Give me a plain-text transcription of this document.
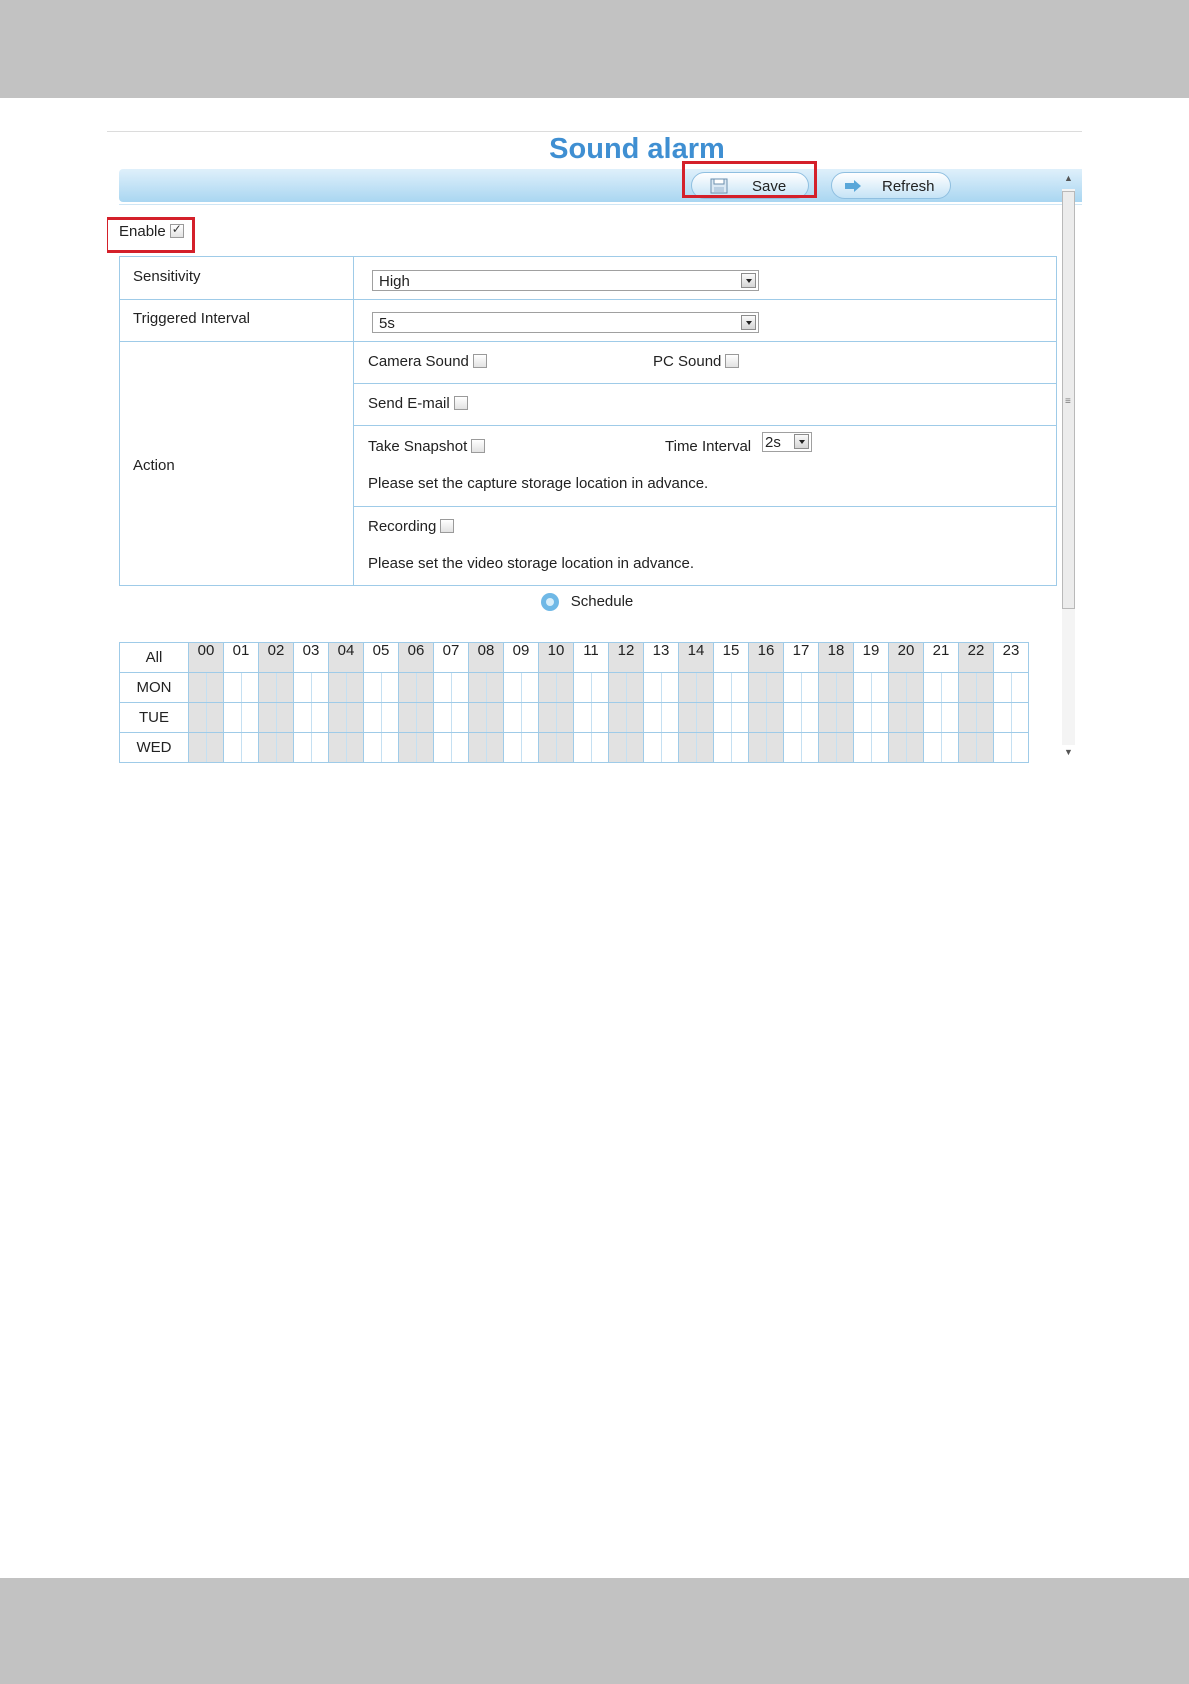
Sound alarm
Save	Refresh
Enable✓
Sensitivity	High
Triggered Interval	5s
Action
Camera Sound	PC Sound
Send E-mail
Take Snapshot	Time Interval 2s
Please set the capture storage location in advance.
Recording
Please set the video storage location in advance.
Schedule
All	00	01	02	03	04	05	06	07	08	09	10	11	12	13	14	15	16	17	18	19	20	21	22	23

MON	

TUE	

WED	

▲
≡
▼
